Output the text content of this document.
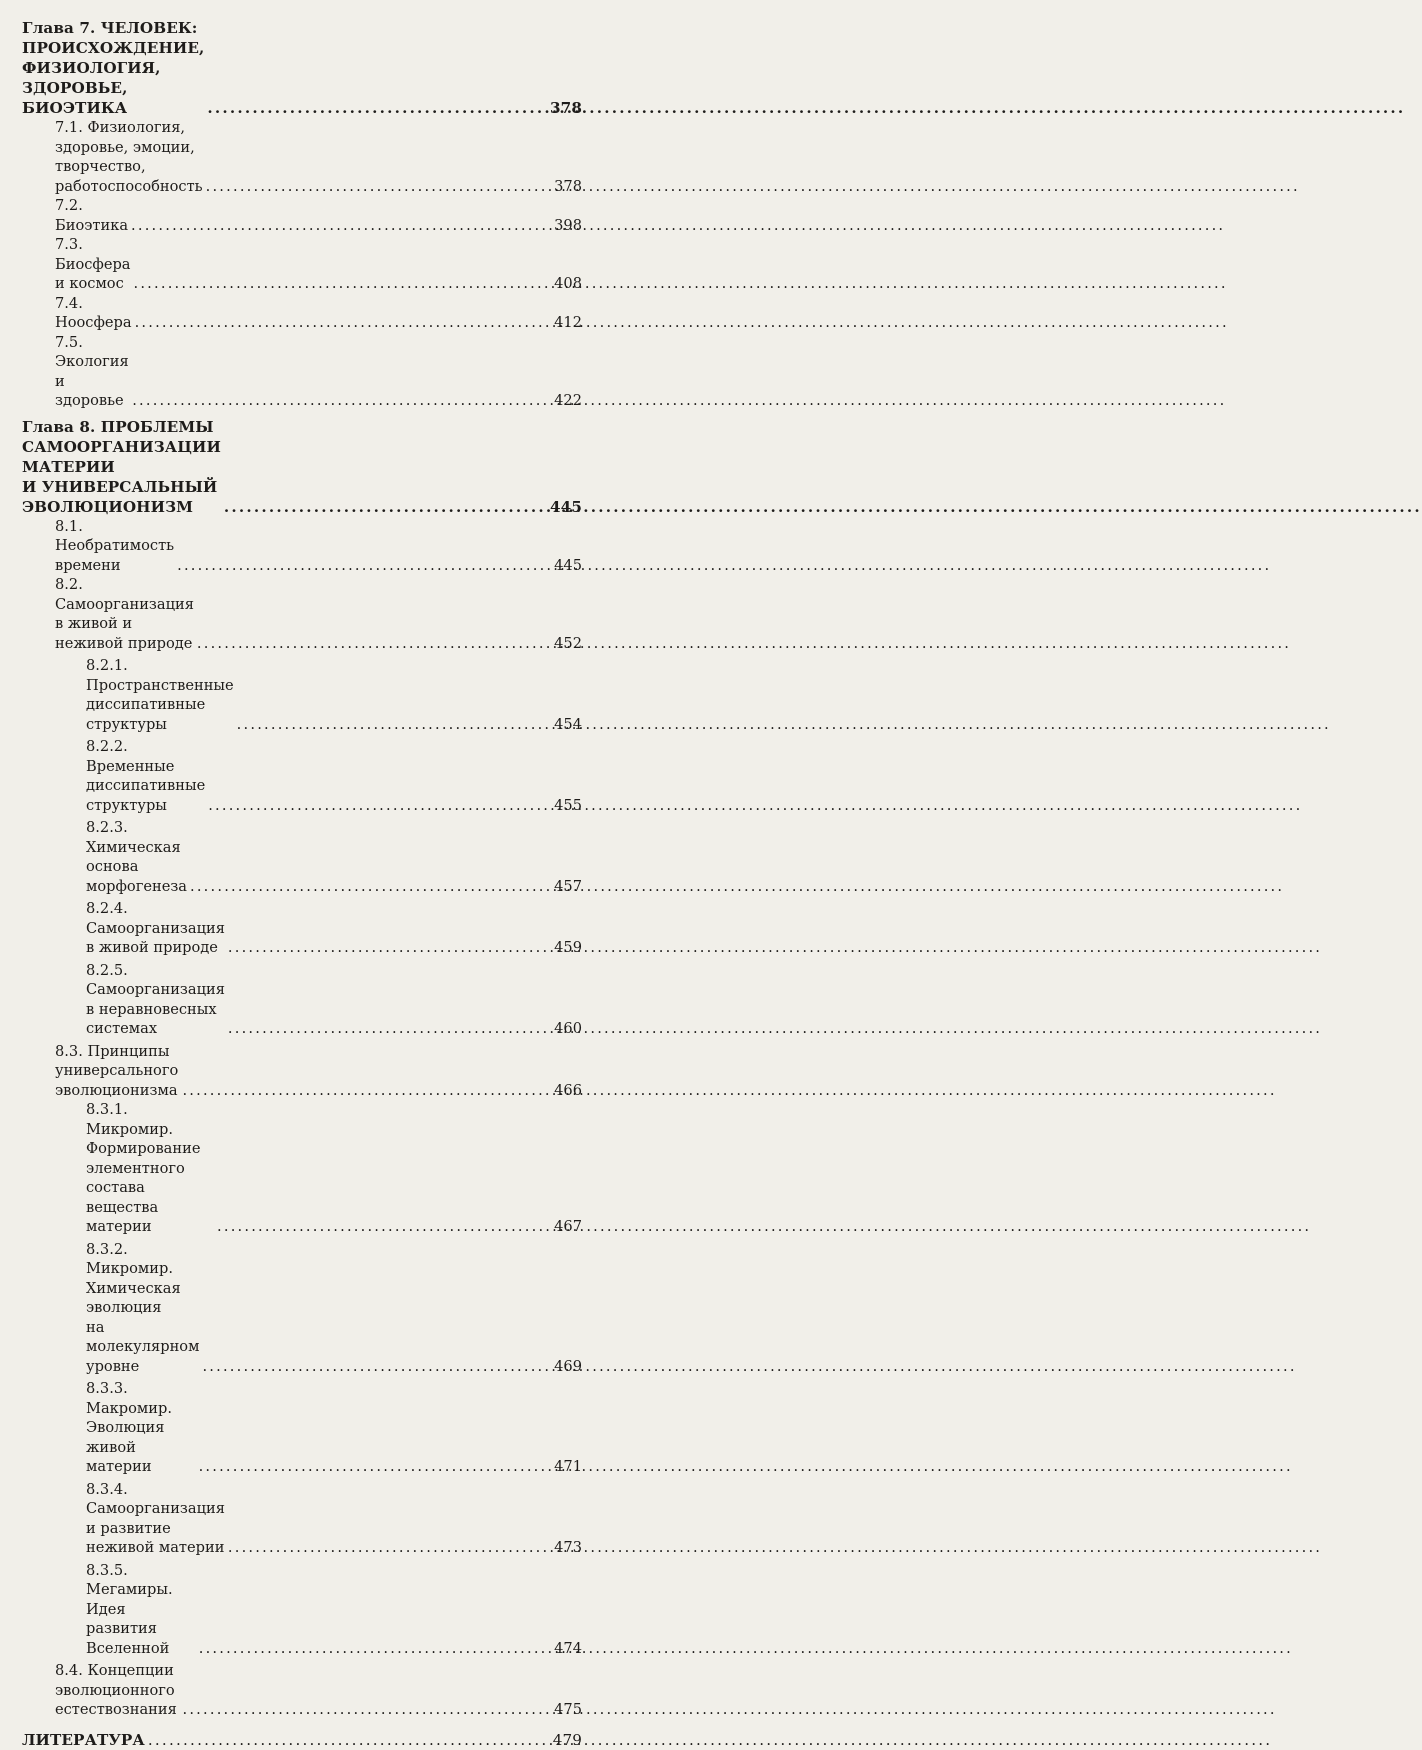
Глава 7. ЧЕЛОВЕК: ПРОИСХОЖДЕНИЕ, ФИЗИОЛОГИЯ,
ЗДОРОВЬЕ, БИОЭТИКА .....	378
7.1. Физиология, здоровье, эмоции, творчество,
работоспособность .....	378
7.2. Биоэтика .....	398
7.3. Биосфера и космос .....	408
7.4. Ноосфера .....	412
7.5. Экология и здоровье .....	422
Глава 8. ПРОБЛЕМЫ САМООРГАНИЗАЦИИ МАТЕРИИ
И УНИВЕРСАЛЬНЫЙ ЭВОЛЮЦИОНИЗМ .....	445
8.1. Необратимость времени .....	445
8.2. Самоорганизация в живой и неживой природе .....	452
8.2.1. Пространственные диссипативные структуры .....	454
8.2.2. Временные диссипативные структуры .....	455
8.2.3. Химическая основа морфогенеза .....	457
8.2.4. Самоорганизация в живой природе .....	459
8.2.5. Самоорганизация в неравновесных системах .....	460
8.3. Принципы универсального эволюционизма .....	466
8.3.1. Микромир. Формирование элементного состава
вещества материи .....	467
8.3.2. Микромир. Химическая эволюция
на молекулярном уровне .....	469
8.3.3. Макромир. Эволюция живой материи .....	471
8.3.4. Самоорганизация и развитие неживой материи .....	473
8.3.5. Мегамиры. Идея развития Вселенной .....	474
8.4. Концепции эволюционного естествознания .....	475
ЛИТЕРАТУРА .....	479
